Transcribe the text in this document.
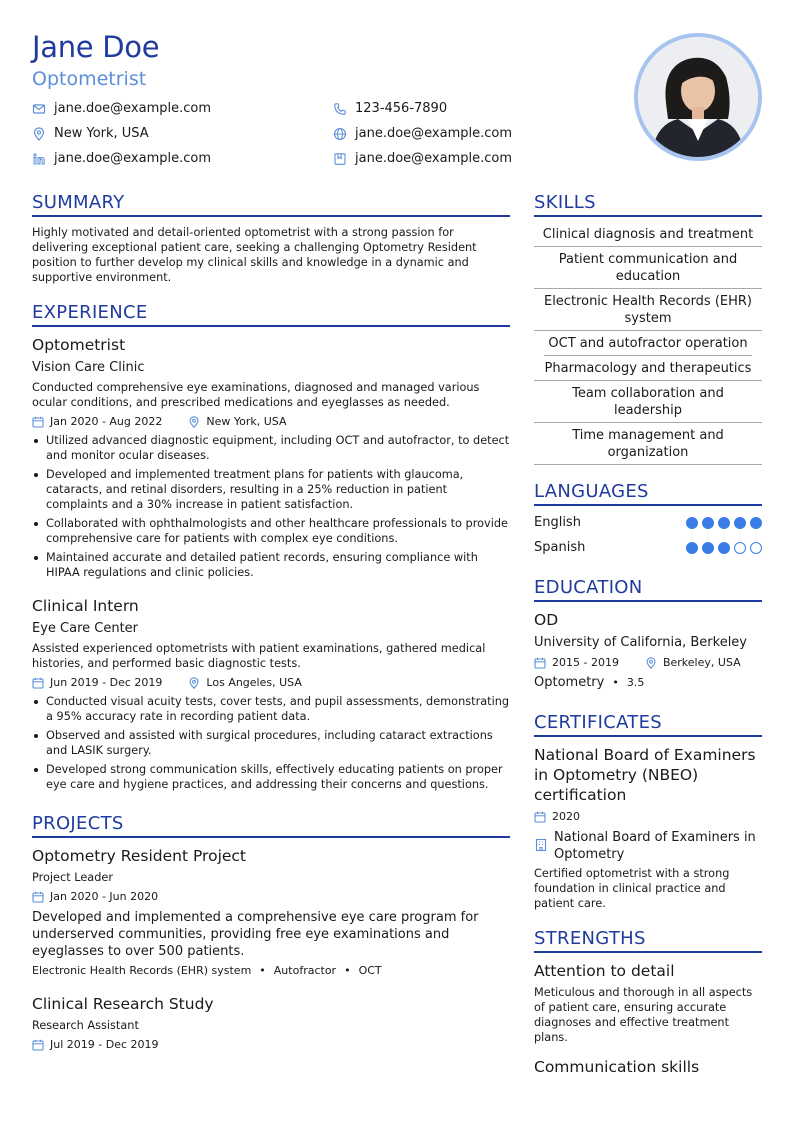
Jane Doe
Optometrist
jane.doe@example.com	123-456-7890
New York, USA	jane.doe@example.com
jane.doe@example.com	jane.doe@example.com
SUMMARY
Highly motivated and detail-oriented optometrist with a strong passion for delivering exceptional patient care, seeking a challenging Optometry Resident position to further develop my clinical skills and knowledge in a dynamic and supportive environment.
EXPERIENCE
Optometrist
Vision Care Clinic
Conducted comprehensive eye examinations, diagnosed and managed various ocular conditions, and prescribed medications and eyeglasses as needed.
Jan 2020 - Aug 2022	New York, USA
Utilized advanced diagnostic equipment, including OCT and autofractor, to detect and monitor ocular diseases.
Developed and implemented treatment plans for patients with glaucoma, cataracts, and retinal disorders, resulting in a 25% reduction in patient complaints and a 30% increase in patient satisfaction.
Collaborated with ophthalmologists and other healthcare professionals to provide comprehensive care for patients with complex eye conditions.
Maintained accurate and detailed patient records, ensuring compliance with HIPAA regulations and clinic policies.
Clinical Intern
Eye Care Center
Assisted experienced optometrists with patient examinations, gathered medical histories, and performed basic diagnostic tests.
Jun 2019 - Dec 2019	Los Angeles, USA
Conducted visual acuity tests, cover tests, and pupil assessments, demonstrating a 95% accuracy rate in recording patient data.
Observed and assisted with surgical procedures, including cataract extractions and LASIK surgery.
Developed strong communication skills, effectively educating patients on proper eye care and hygiene practices, and addressing their concerns and questions.
PROJECTS
Optometry Resident Project
Project Leader
Jan 2020 - Jun 2020
Developed and implemented a comprehensive eye care program for underserved communities, providing free eye examinations and eyeglasses to over 500 patients.
Electronic Health Records (EHR) system • Autofractor • OCT
Clinical Research Study
Research Assistant
Jul 2019 - Dec 2019
SKILLS
Clinical diagnosis and treatment
Patient communication and education
Electronic Health Records (EHR) system
OCT and autofractor operation
Pharmacology and therapeutics
Team collaboration and leadership
Time management and organization
LANGUAGES
English
Spanish
EDUCATION
OD
University of California, Berkeley
2015 - 2019	Berkeley, USA
Optometry • 3.5
CERTIFICATES
National Board of Examiners in Optometry (NBEO) certification
2020
National Board of Examiners in Optometry
Certified optometrist with a strong foundation in clinical practice and patient care.
STRENGTHS
Attention to detail
Meticulous and thorough in all aspects of patient care, ensuring accurate diagnoses and effective treatment plans.
Communication skills
